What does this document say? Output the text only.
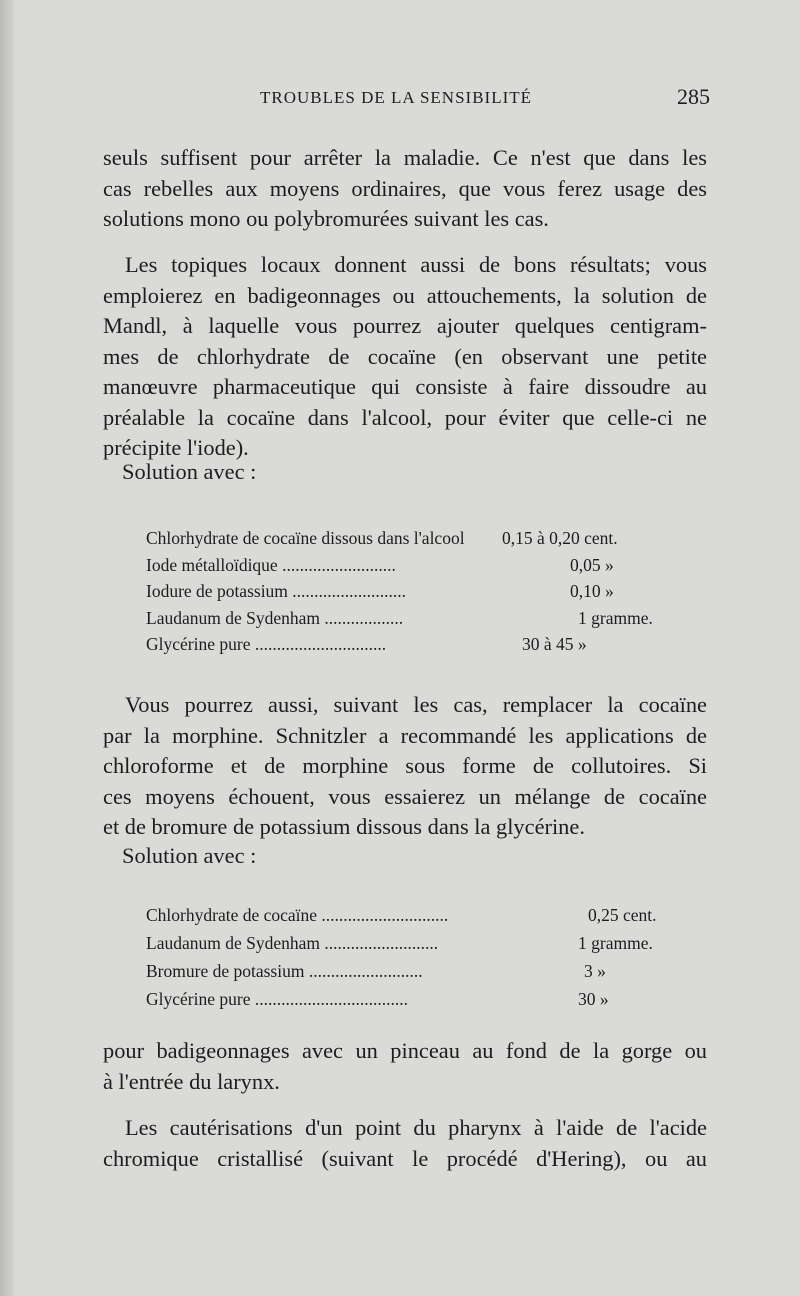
TROUBLES DE LA SENSIBILITÉ	285

seuls suffisent pour arrêter la maladie. Ce n'est que dans les
cas rebelles aux moyens ordinaires, que vous ferez usage des
solutions mono ou polybromurées suivant les cas.

Les topiques locaux donnent aussi de bons résultats; vous
emploierez en badigeonnages ou attouchements, la solution de
Mandl, à laquelle vous pourrez ajouter quelques centigram-
mes de chlorhydrate de cocaïne (en observant une petite
manœuvre pharmaceutique qui consiste à faire dissoudre au
préalable la cocaïne dans l'alcool, pour éviter que celle-ci ne
précipite l'iode).

Solution avec :
Chlorhydrate de cocaïne dissous dans l'alcool 0,15 à 0,20 cent.
Iode métalloïdique ..........................	0,05 »
Iodure de potassium ..........................	0,10 »
Laudanum de Sydenham ..................	1 gramme.
Glycérine pure ..............................	30 à 45 »

Vous pourrez aussi, suivant les cas, remplacer la cocaïne
par la morphine. Schnitzler a recommandé les applications de
chloroforme et de morphine sous forme de collutoires. Si
ces moyens échouent, vous essaierez un mélange de cocaïne
et de bromure de potassium dissous dans la glycérine.

Solution avec :
Chlorhydrate de cocaïne .............................	0,25 cent.
Laudanum de Sydenham ..........................	1 gramme.
Bromure de potassium ..........................	3 »
Glycérine pure ...................................	30 »

pour badigeonnages avec un pinceau au fond de la gorge ou
à l'entrée du larynx.

Les cautérisations d'un point du pharynx à l'aide de l'acide
chromique cristallisé (suivant le procédé d'Hering), ou au
